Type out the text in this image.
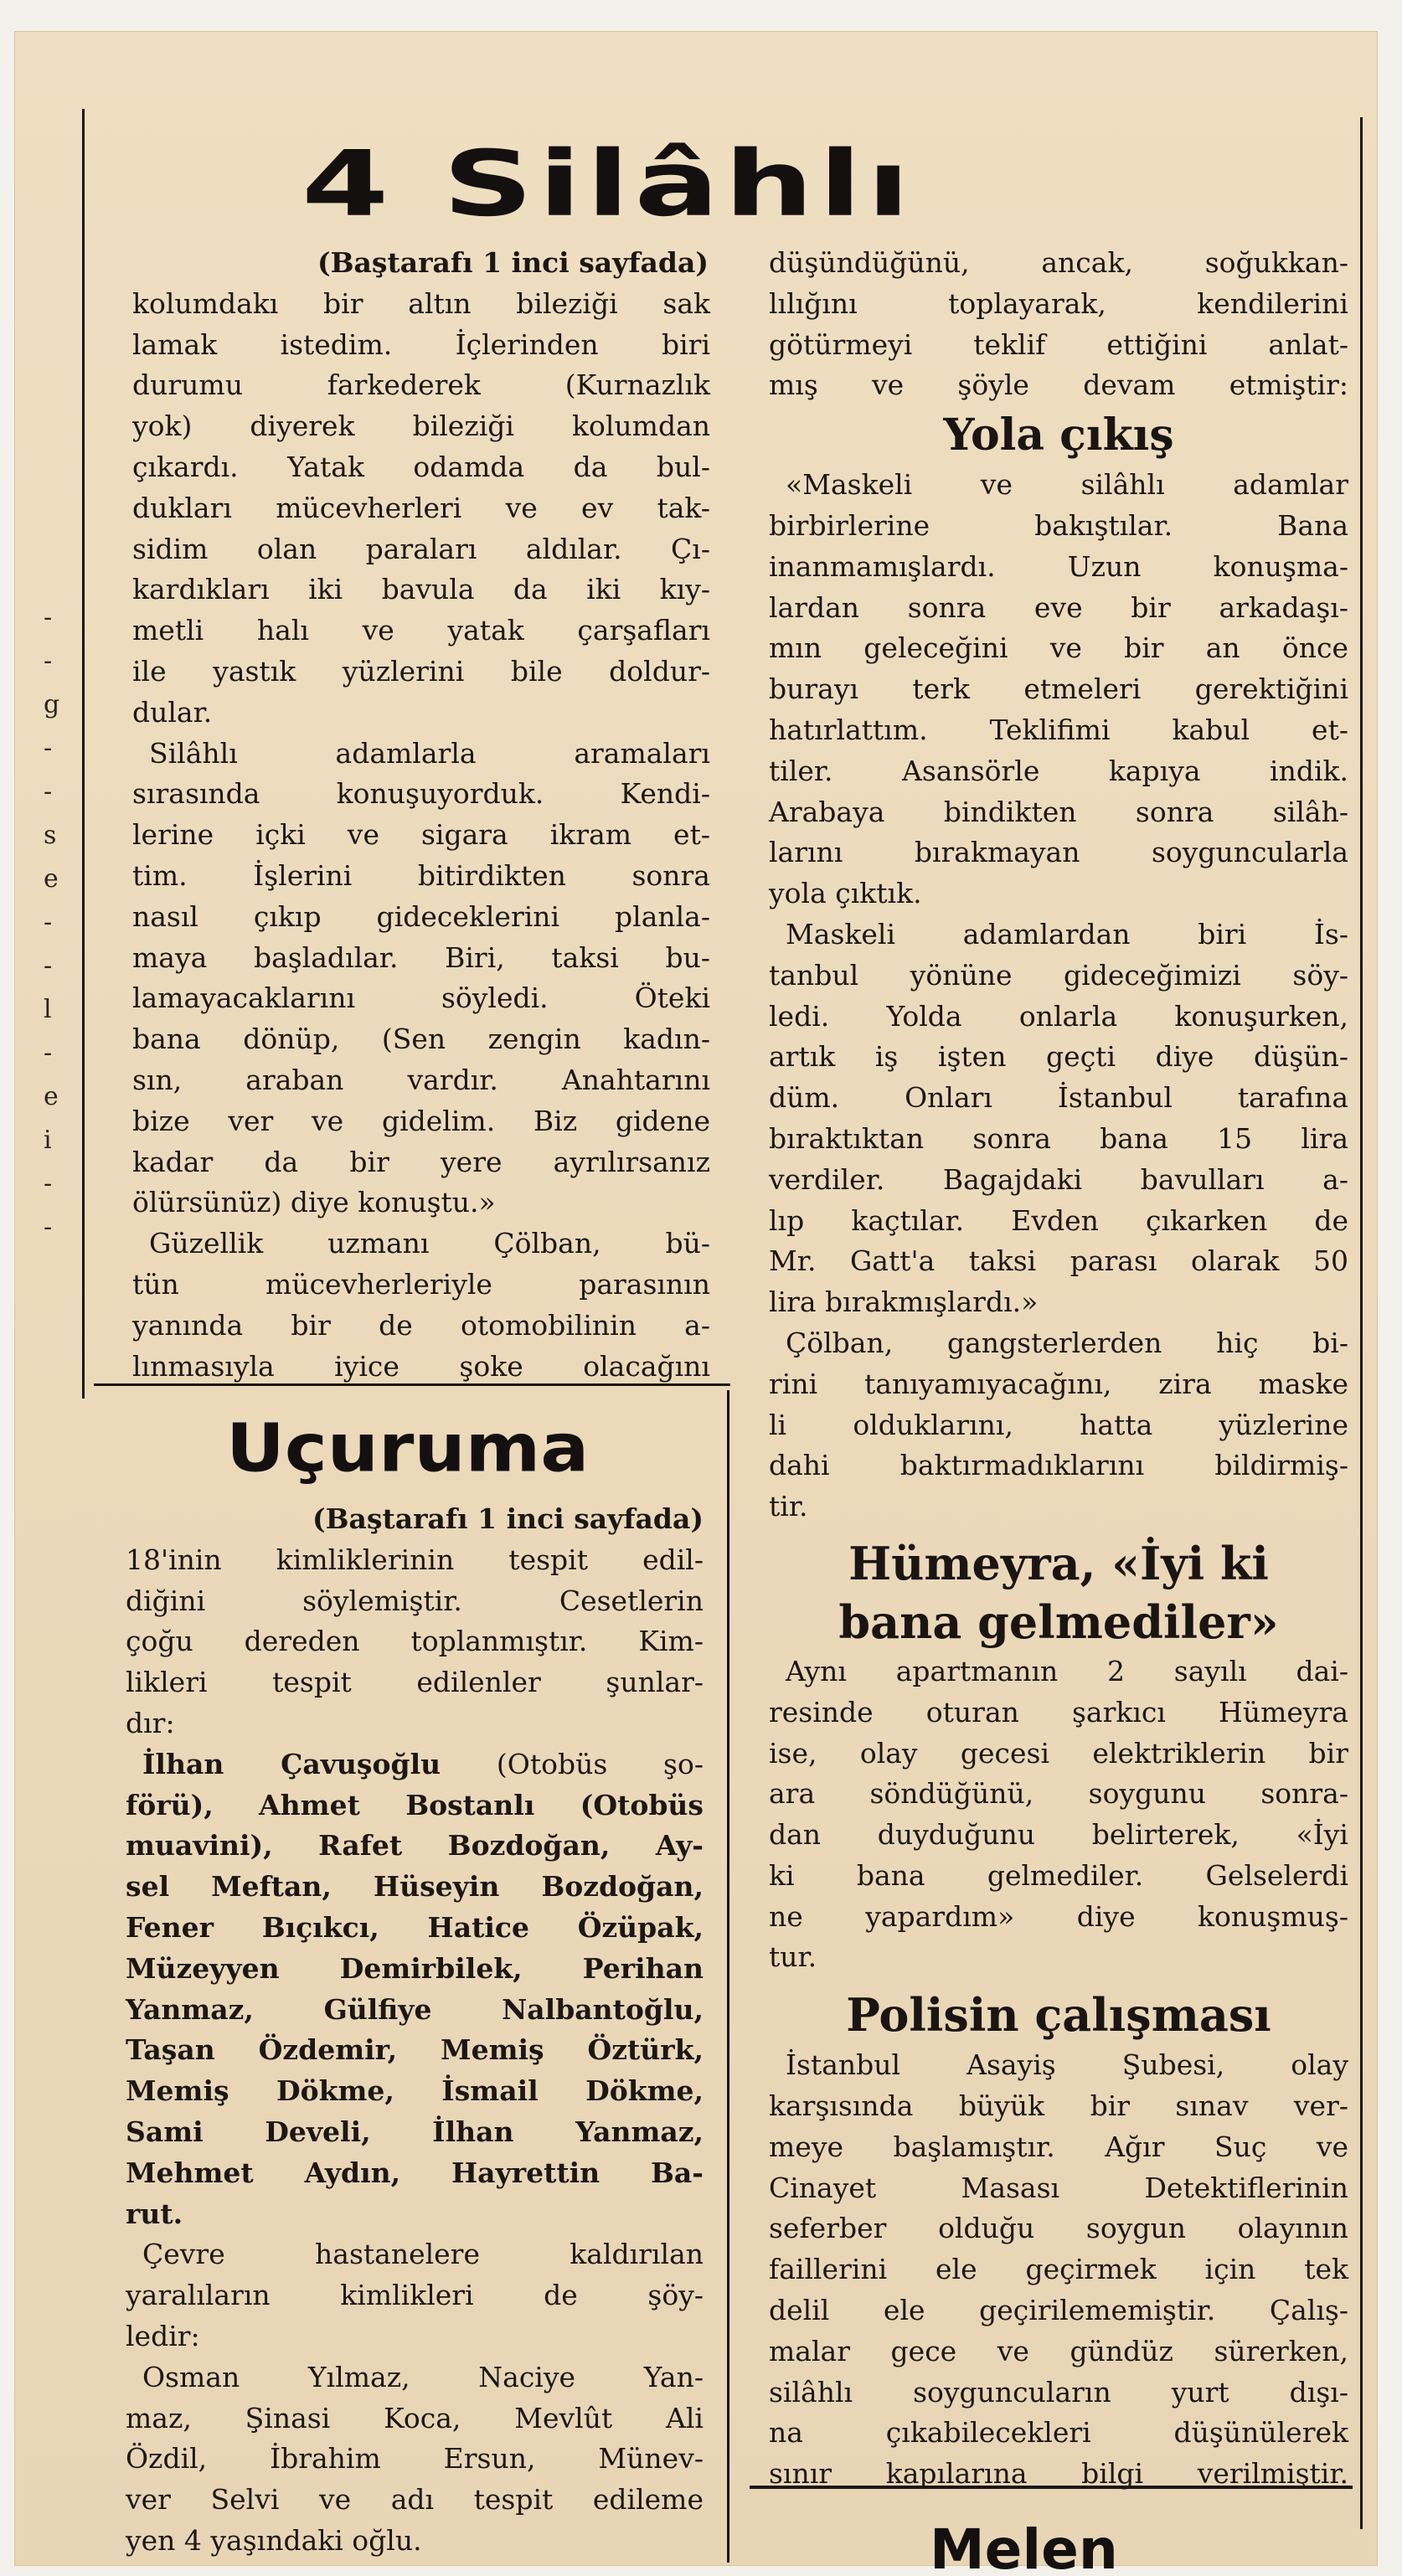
4 Silâhlı
-
-
g
-
-
s
e
-
-
l
-
e
i
-
-
(Baştarafı 1 inci sayfada)
kolumdakı bir altın bileziği sak
lamak istedim. İçlerinden biri
durumu farkederek (Kurnazlık
yok) diyerek bileziği kolumdan
çıkardı. Yatak odamda da bul-
dukları mücevherleri ve ev tak-
sidim olan paraları aldılar. Çı-
kardıkları iki bavula da iki kıy-
metli halı ve yatak çarşafları
ile yastık yüzlerini bile doldur-
dular.
Silâhlı adamlarla aramaları
sırasında konuşuyorduk. Kendi-
lerine içki ve sigara ikram et-
tim. İşlerini bitirdikten sonra
nasıl çıkıp gideceklerini planla-
maya başladılar. Biri, taksi bu-
lamayacaklarını söyledi. Öteki
bana dönüp, (Sen zengin kadın-
sın, araban vardır. Anahtarını
bize ver ve gidelim. Biz gidene
kadar da bir yere ayrılırsanız
ölürsünüz) diye konuştu.»
Güzellik uzmanı Çölban, bü-
tün mücevherleriyle parasının
yanında bir de otomobilinin a-
lınmasıyla iyice şoke olacağını
Uçuruma
(Baştarafı 1 inci sayfada)
18'inin kimliklerinin tespit edil-
diğini söylemiştir. Cesetlerin
çoğu dereden toplanmıştır. Kim-
likleri tespit edilenler şunlar-
dır:
İlhan Çavuşoğlu (Otobüs şo-
förü), Ahmet Bostanlı (Otobüs
muavini), Rafet Bozdoğan, Ay-
sel Meftan, Hüseyin Bozdoğan,
Fener Bıçıkcı, Hatice Özüpak,
Müzeyyen Demirbilek, Perihan
Yanmaz, Gülfiye Nalbantoğlu,
Taşan Özdemir, Memiş Öztürk,
Memiş Dökme, İsmail Dökme,
Sami Develi, İlhan Yanmaz,
Mehmet Aydın, Hayrettin Ba-
rut.
Çevre hastanelere kaldırılan
yaralıların kimlikleri de şöy-
ledir:
Osman Yılmaz, Naciye Yan-
maz, Şinasi Koca, Mevlût Ali
Özdil, İbrahim Ersun, Münev-
ver Selvi ve adı tespit edileme
yen 4 yaşındaki oğlu.

düşündüğünü, ancak, soğukkan-
lılığını toplayarak, kendilerini
götürmeyi teklif ettiğini anlat-
mış ve şöyle devam etmiştir:
Yola çıkış
«Maskeli ve silâhlı adamlar
birbirlerine bakıştılar. Bana
inanmamışlardı. Uzun konuşma-
lardan sonra eve bir arkadaşı-
mın geleceğini ve bir an önce
burayı terk etmeleri gerektiğini
hatırlattım. Teklifimi kabul et-
tiler. Asansörle kapıya indik.
Arabaya bindikten sonra silâh-
larını bırakmayan soyguncularla
yola çıktık.
Maskeli adamlardan biri İs-
tanbul yönüne gideceğimizi söy-
ledi. Yolda onlarla konuşurken,
artık iş işten geçti diye düşün-
düm. Onları İstanbul tarafına
bıraktıktan sonra bana 15 lira
verdiler. Bagajdaki bavulları a-
lıp kaçtılar. Evden çıkarken de
Mr. Gatt'a taksi parası olarak 50
lira bırakmışlardı.»
Çölban, gangsterlerden hiç bi-
rini tanıyamıyacağını, zira maske
li olduklarını, hatta yüzlerine
dahi baktırmadıklarını bildirmiş-
tir.
Hümeyra, «İyi ki
bana gelmediler»
Aynı apartmanın 2 sayılı dai-
resinde oturan şarkıcı Hümeyra
ise, olay gecesi elektriklerin bir
ara söndüğünü, soygunu sonra-
dan duyduğunu belirterek, «İyi
ki bana gelmediler. Gelselerdi
ne yapardım» diye konuşmuş-
tur.
Polisin çalışması
İstanbul Asayiş Şubesi, olay
karşısında büyük bir sınav ver-
meye başlamıştır. Ağır Suç ve
Cinayet Masası Detektiflerinin
seferber olduğu soygun olayının
faillerini ele geçirmek için tek
delil ele geçirilememiştir. Çalış-
malar gece ve gündüz sürerken,
silâhlı soyguncuların yurt dışı-
na çıkabilecekleri düşünülerek
sınır kapılarına bilgi verilmiştir.
Melen
